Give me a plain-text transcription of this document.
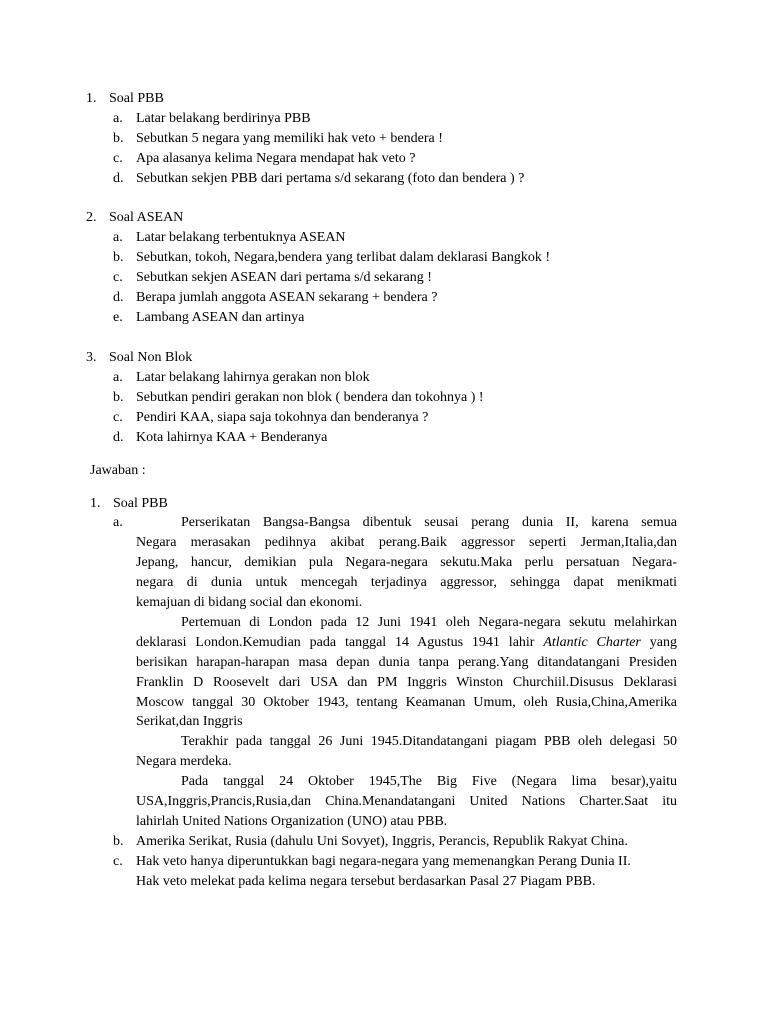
1. Soal PBB
a. Latar belakang berdirinya PBB
b. Sebutkan 5 negara yang memiliki hak veto + bendera !
c. Apa alasanya kelima Negara mendapat hak veto ?
d. Sebutkan sekjen PBB dari pertama s/d sekarang (foto dan bendera ) ?
2. Soal ASEAN
a. Latar belakang terbentuknya ASEAN
b. Sebutkan, tokoh, Negara,bendera yang terlibat dalam deklarasi Bangkok !
c. Sebutkan sekjen ASEAN dari pertama s/d sekarang !
d. Berapa jumlah anggota ASEAN sekarang + bendera ?
e. Lambang ASEAN dan artinya
3. Soal Non Blok
a. Latar belakang lahirnya gerakan non blok
b. Sebutkan pendiri gerakan non blok ( bendera dan tokohnya ) !
c. Pendiri KAA, siapa saja tokohnya dan benderanya ?
d. Kota lahirnya KAA + Benderanya
Jawaban :
1. Soal PBB
a.	Perserikatan Bangsa-Bangsa dibentuk seusai perang dunia II, karena semua
Negara merasakan pedihnya akibat perang.Baik aggressor seperti Jerman,Italia,dan
Jepang, hancur, demikian pula Negara-negara sekutu.Maka perlu persatuan Negara-
negara di dunia untuk mencegah terjadinya aggressor, sehingga dapat menikmati
kemajuan di bidang social dan ekonomi.
Pertemuan di London pada 12 Juni 1941 oleh Negara-negara sekutu melahirkan
deklarasi London.Kemudian pada tanggal 14 Agustus 1941 lahir Atlantic Charter yang
berisikan harapan-harapan masa depan dunia tanpa perang.Yang ditandatangani Presiden
Franklin D Roosevelt dari USA dan PM Inggris Winston Churchiil.Disusus Deklarasi
Moscow tanggal 30 Oktober 1943, tentang Keamanan Umum, oleh Rusia,China,Amerika
Serikat,dan Inggris
Terakhir pada tanggal 26 Juni 1945.Ditandatangani piagam PBB oleh delegasi 50
Negara merdeka.
Pada tanggal 24 Oktober 1945,The Big Five (Negara lima besar),yaitu
USA,Inggris,Prancis,Rusia,dan China.Menandatangani United Nations Charter.Saat itu
lahirlah United Nations Organization (UNO) atau PBB.
b. Amerika Serikat, Rusia (dahulu Uni Sovyet), Inggris, Perancis, Republik Rakyat China.
c. Hak veto hanya diperuntukkan bagi negara-negara yang memenangkan Perang Dunia II.
Hak veto melekat pada kelima negara tersebut berdasarkan Pasal 27 Piagam PBB.
